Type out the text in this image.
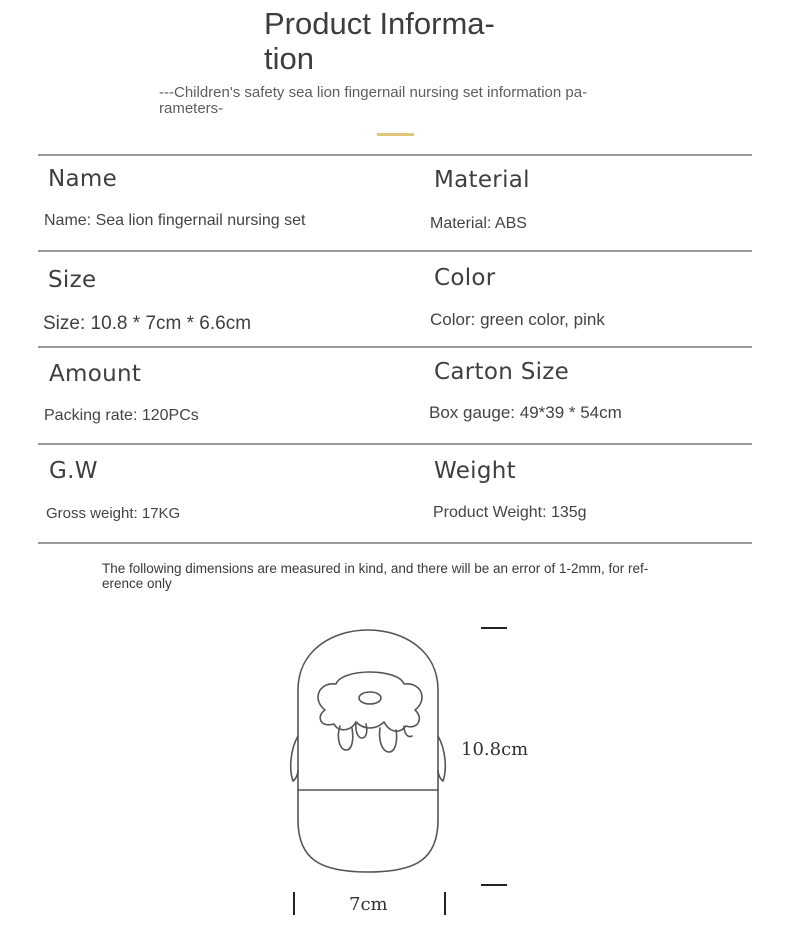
Product Informa-
tion
---Children's safety sea lion fingernail nursing set information pa-
rameters-
Name
Name: Sea lion fingernail nursing set
Material
Material: ABS
Size
Size: 10.8 * 7cm * 6.6cm
Color
Color: green color, pink
Amount
Packing rate: 120PCs
Carton Size
Box gauge: 49*39 * 54cm
G.W
Gross weight: 17KG
Weight
Product Weight: 135g
The following dimensions are measured in kind, and there will be an error of 1-2mm, for ref-
erence only
10.8cm
7cm
